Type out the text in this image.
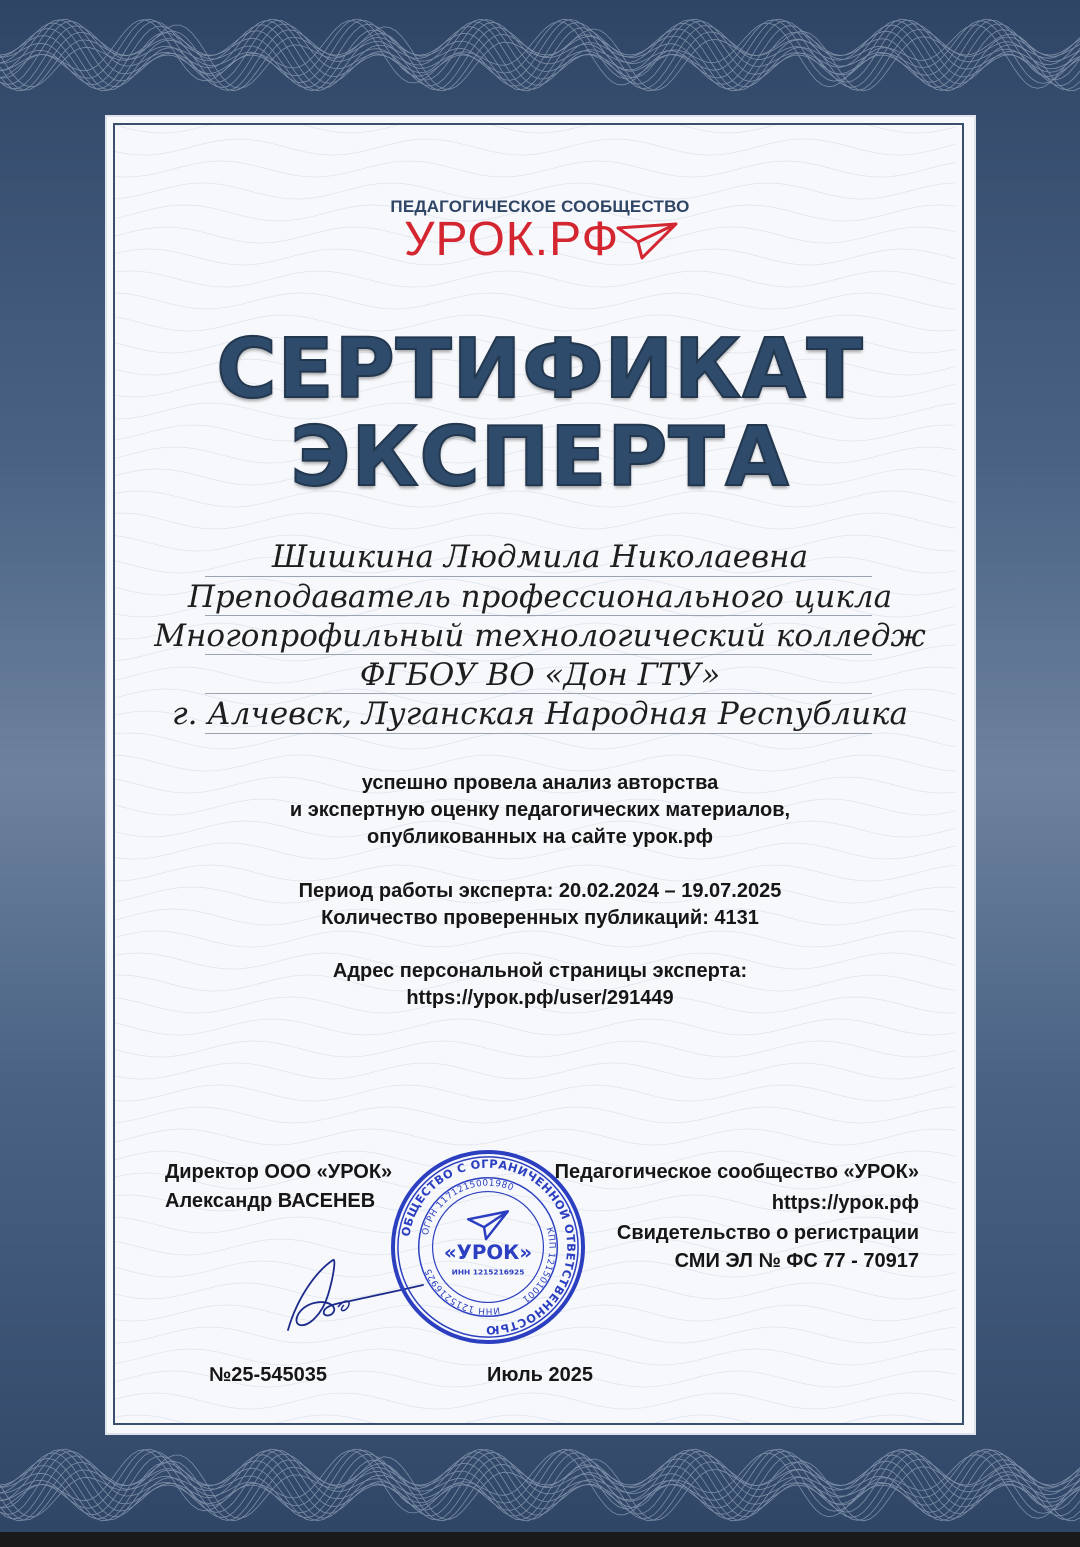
ПЕДАГОГИЧЕСКОЕ СООБЩЕСТВО
УРОК.РФ
СЕРТИФИКАТ
ЭКСПЕРТА
Шишкина Людмила Николаевна
Преподаватель профессионального цикла
Многопрофильный технологический колледж
ФГБОУ ВО «Дон ГТУ»
г. Алчевск, Луганская Народная Республика
успешно провела анализ авторства
и экспертную оценку педагогических материалов,
опубликованных на сайте урок.рф
Период работы эксперта: 20.02.2024 – 19.07.2025
Количество проверенных публикаций: 4131
Адрес персональной страницы эксперта:
https://урок.рф/user/291449
Директор ООО «УРОК»
Александр ВАСЕНЕВ
Педагогическое сообщество «УРОК»
https://урок.рф
Свидетельство о регистрации
СМИ ЭЛ № ФС 77 - 70917
ОБЩЕСТВО С ОГРАНИЧЕННОЙ ОТВЕТСТВЕННОСТЬЮ
ОГРН 1171215001980
КПП 121501001
ИНН 1215216925
«УРОК»
ИНН 1215216925
№25-545035	Июль 2025
